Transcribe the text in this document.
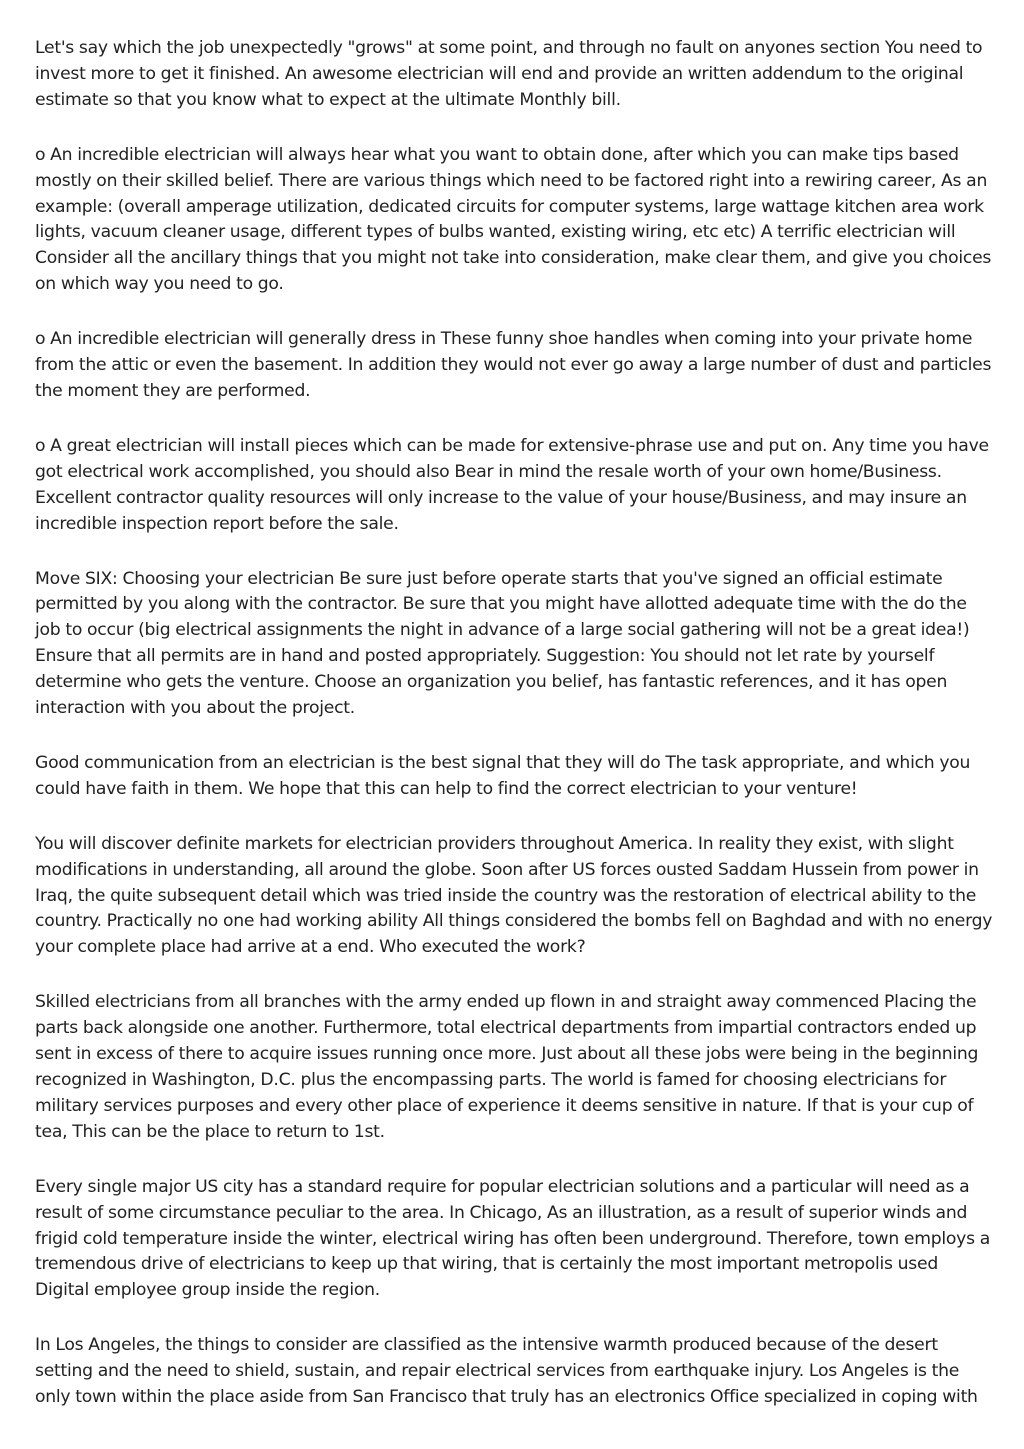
Let's say which the job unexpectedly "grows" at some point, and through no fault on anyones section You need to invest more to get it finished. An awesome electrician will end and provide an written addendum to the original estimate so that you know what to expect at the ultimate Monthly bill.

o An incredible electrician will always hear what you want to obtain done, after which you can make tips based mostly on their skilled belief. There are various things which need to be factored right into a rewiring career, As an example: (overall amperage utilization, dedicated circuits for computer systems, large wattage kitchen area work lights, vacuum cleaner usage, different types of bulbs wanted, existing wiring, etc etc) A terrific electrician will Consider all the ancillary things that you might not take into consideration, make clear them, and give you choices on which way you need to go.

o An incredible electrician will generally dress in These funny shoe handles when coming into your private home from the attic or even the basement. In addition they would not ever go away a large number of dust and particles the moment they are performed.

o A great electrician will install pieces which can be made for extensive-phrase use and put on. Any time you have got electrical work accomplished, you should also Bear in mind the resale worth of your own home/Business. Excellent contractor quality resources will only increase to the value of your house/Business, and may insure an incredible inspection report before the sale.

Move SIX: Choosing your electrician Be sure just before operate starts that you've signed an official estimate permitted by you along with the contractor. Be sure that you might have allotted adequate time with the do the job to occur (big electrical assignments the night in advance of a large social gathering will not be a great idea!) Ensure that all permits are in hand and posted appropriately. Suggestion: You should not let rate by yourself determine who gets the venture. Choose an organization you belief, has fantastic references, and it has open interaction with you about the project.

Good communication from an electrician is the best signal that they will do The task appropriate, and which you could have faith in them. We hope that this can help to find the correct electrician to your venture!

You will discover definite markets for electrician providers throughout America. In reality they exist, with slight modifications in understanding, all around the globe. Soon after US forces ousted Saddam Hussein from power in Iraq, the quite subsequent detail which was tried inside the country was the restoration of electrical ability to the country. Practically no one had working ability All things considered the bombs fell on Baghdad and with no energy your complete place had arrive at a end. Who executed the work?

Skilled electricians from all branches with the army ended up flown in and straight away commenced Placing the parts back alongside one another. Furthermore, total electrical departments from impartial contractors ended up sent in excess of there to acquire issues running once more. Just about all these jobs were being in the beginning recognized in Washington, D.C. plus the encompassing parts. The world is famed for choosing electricians for military services purposes and every other place of experience it deems sensitive in nature. If that is your cup of tea, This can be the place to return to 1st.

Every single major US city has a standard require for popular electrician solutions and a particular will need as a result of some circumstance peculiar to the area. In Chicago, As an illustration, as a result of superior winds and frigid cold temperature inside the winter, electrical wiring has often been underground. Therefore, town employs a tremendous drive of electricians to keep up that wiring, that is certainly the most important metropolis used Digital employee group inside the region.

In Los Angeles, the things to consider are classified as the intensive warmth produced because of the desert setting and the need to shield, sustain, and repair electrical services from earthquake injury. Los Angeles is the only town within the place aside from San Francisco that truly has an electronics Office specialized in coping with
